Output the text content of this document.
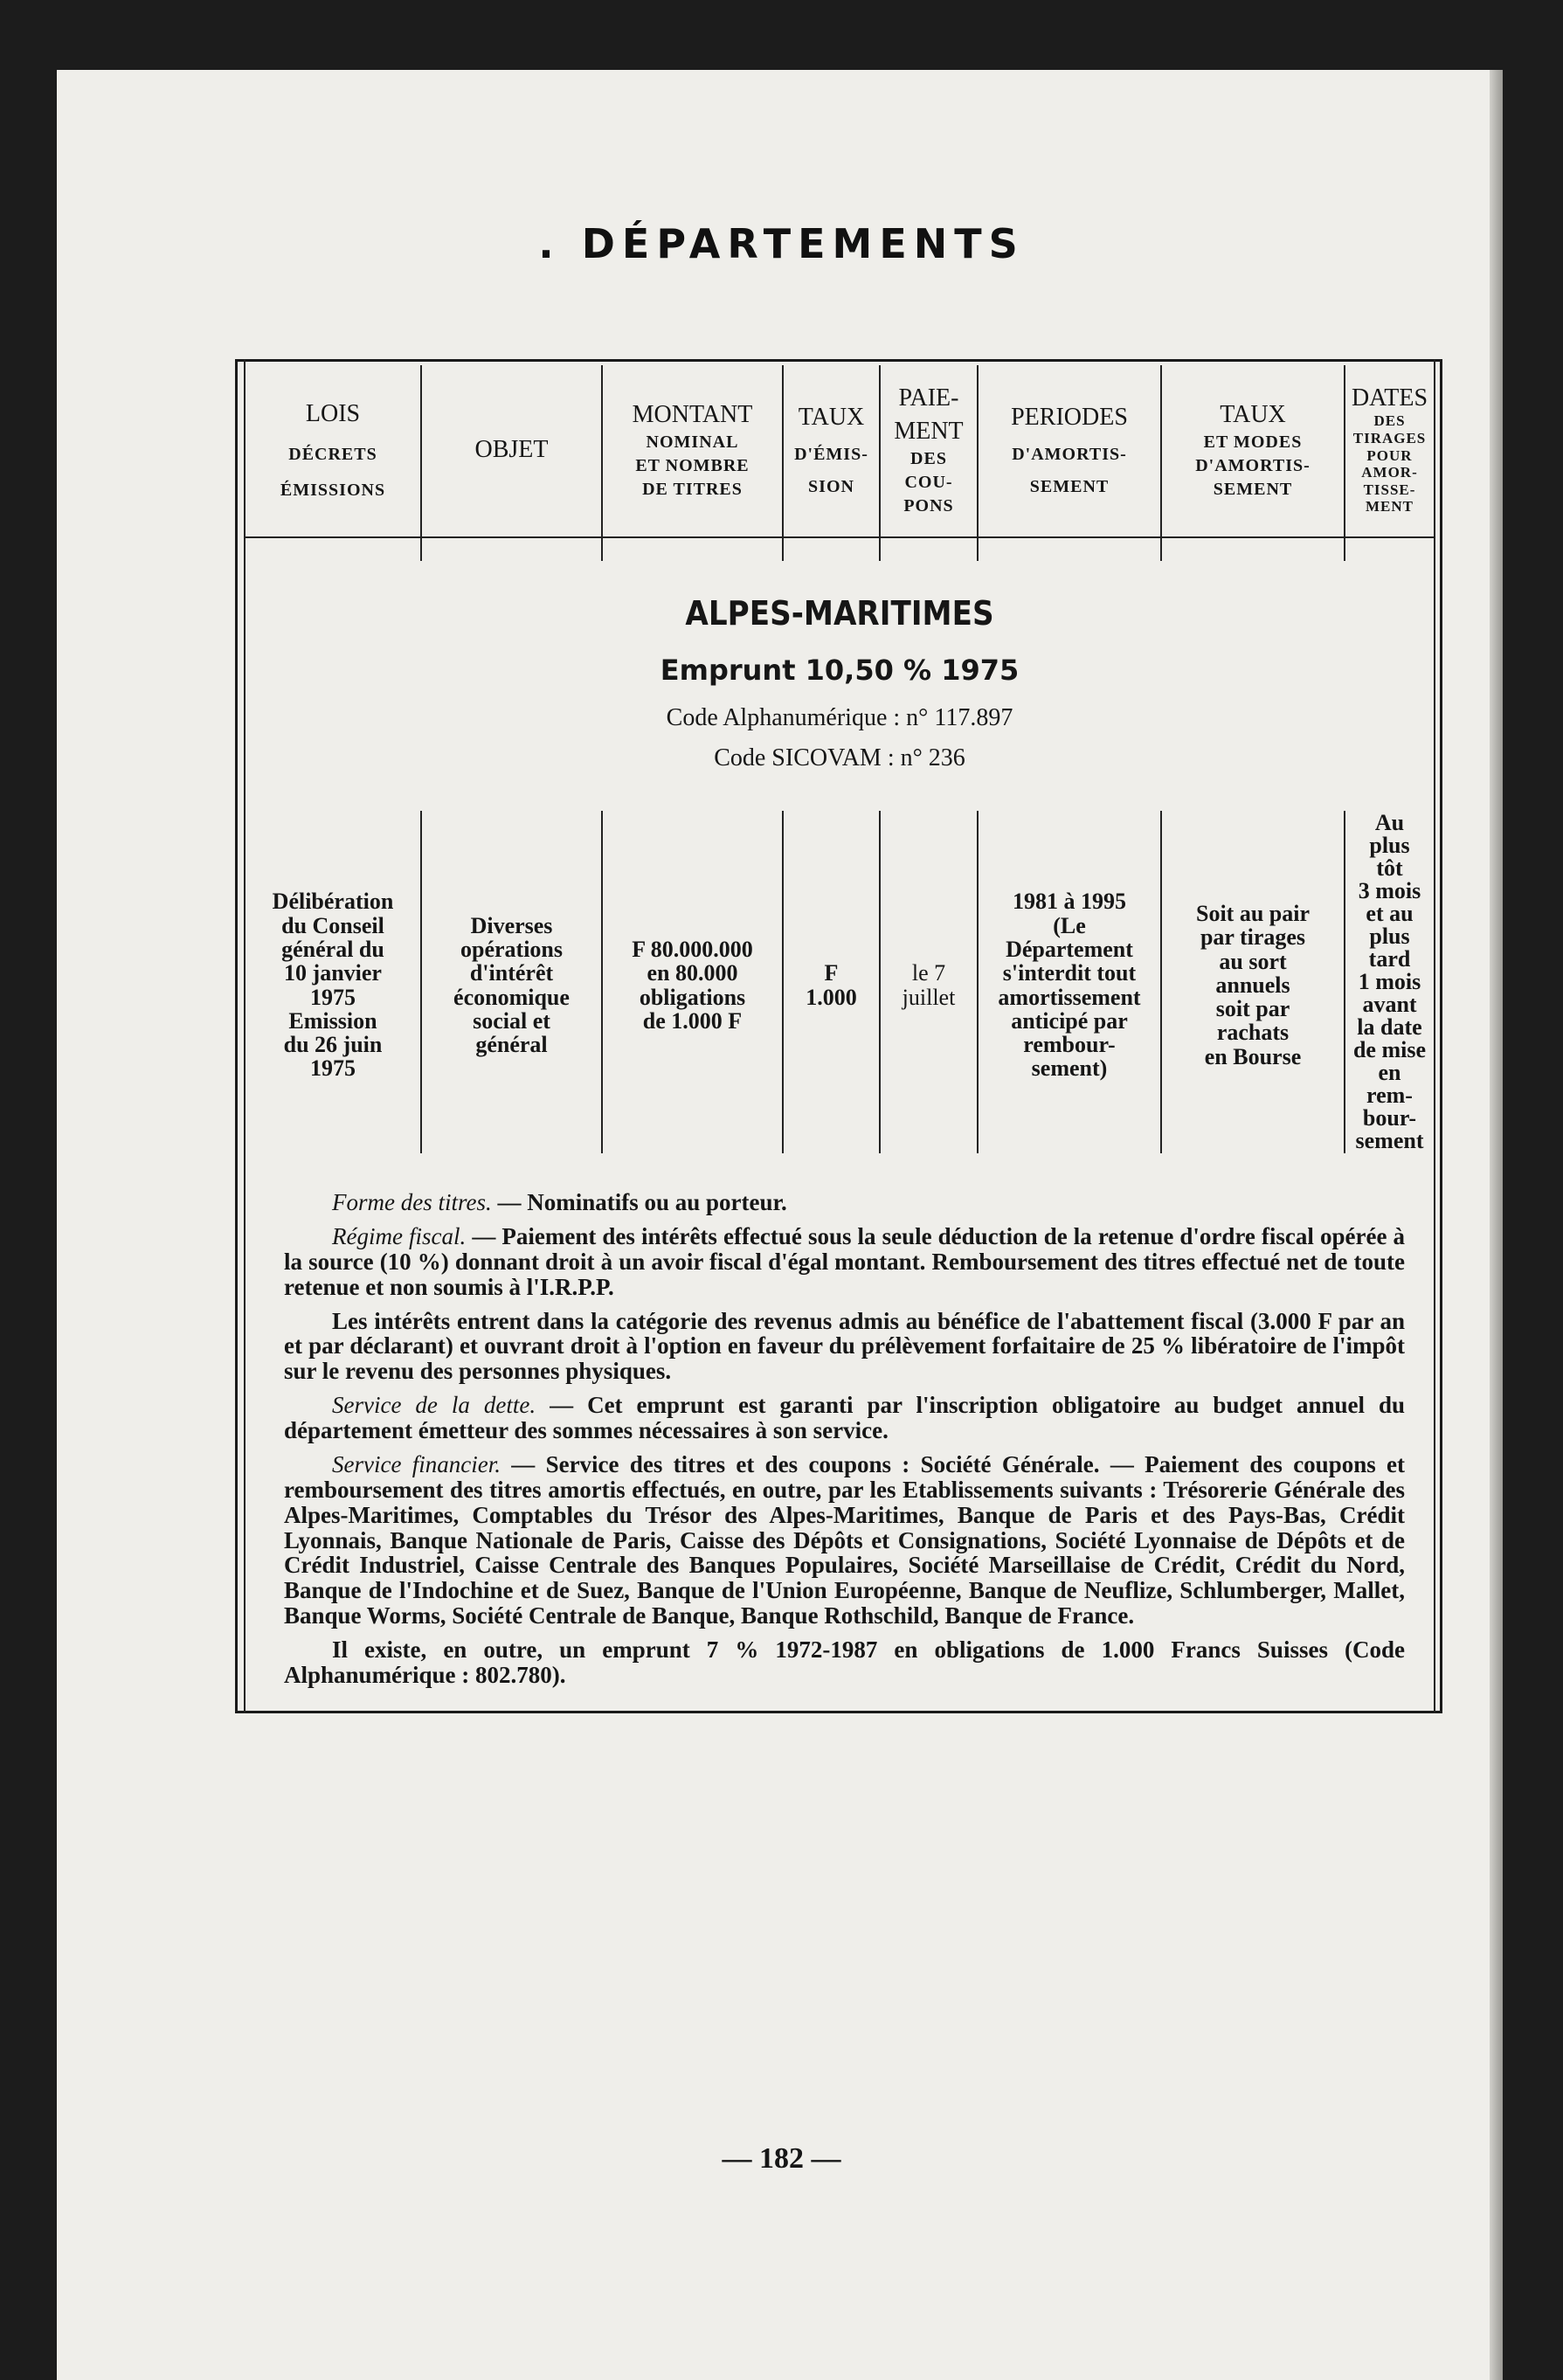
. DÉPARTEMENTS
LOIS
DÉCRETS
ÉMISSIONS
OBJET
MONTANT
NOMINAL
ET NOMBRE
DE TITRES
TAUX
D'ÉMIS-
SION
PAIE-
MENT
DES
COU-
PONS
PERIODES
D'AMORTIS-
SEMENT
TAUX
ET MODES
D'AMORTIS-
SEMENT
DATES
DES
TIRAGES
POUR
AMOR-
TISSE-
MENT
ALPES-MARITIMES
Emprunt 10,50 % 1975
Code Alphanumérique : n° 117.897
Code SICOVAM : n° 236
Délibération
du Conseil
général du
10 janvier
1975
Emission
du 26 juin
1975
Diverses
opérations
d'intérêt
économique
social et
général
F 80.000.000
en 80.000
obligations
de 1.000 F
F
1.000
le 7
juillet
1981 à 1995
(Le
Département
s'interdit tout
amortissement
anticipé par
rembour-
sement)
Soit au pair
par tirages
au sort
annuels
soit par
rachats
en Bourse
Au
plus
tôt
3 mois
et au
plus
tard
1 mois
avant
la date
de mise
en
rem-
bour-
sement

Forme des titres. — Nominatifs ou au porteur.

Régime fiscal. — Paiement des intérêts effectué sous la seule déduction de la retenue d'ordre fiscal opérée à la source (10 %) donnant droit à un avoir fiscal d'égal montant. Remboursement des titres effectué net de toute retenue et non soumis à l'I.R.P.P.

Les intérêts entrent dans la catégorie des revenus admis au bénéfice de l'abattement fiscal (3.000 F par an et par déclarant) et ouvrant droit à l'option en faveur du prélèvement forfaitaire de 25 % libératoire de l'impôt sur le revenu des personnes physiques.

Service de la dette. — Cet emprunt est garanti par l'inscription obligatoire au budget annuel du département émetteur des sommes nécessaires à son service.

Service financier. — Service des titres et des coupons : Société Générale. — Paiement des coupons et remboursement des titres amortis effectués, en outre, par les Etablissements suivants : Trésorerie Générale des Alpes-Maritimes, Comptables du Trésor des Alpes-Maritimes, Banque de Paris et des Pays-Bas, Crédit Lyonnais, Banque Nationale de Paris, Caisse des Dépôts et Consignations, Société Lyonnaise de Dépôts et de Crédit Industriel, Caisse Centrale des Banques Populaires, Société Marseillaise de Crédit, Crédit du Nord, Banque de l'Indochine et de Suez, Banque de l'Union Européenne, Banque de Neuflize, Schlumberger, Mallet, Banque Worms, Société Centrale de Banque, Banque Rothschild, Banque de France.

Il existe, en outre, un emprunt 7 % 1972-1987 en obligations de 1.000 Francs Suisses (Code Alphanumérique : 802.780).

— 182 —
